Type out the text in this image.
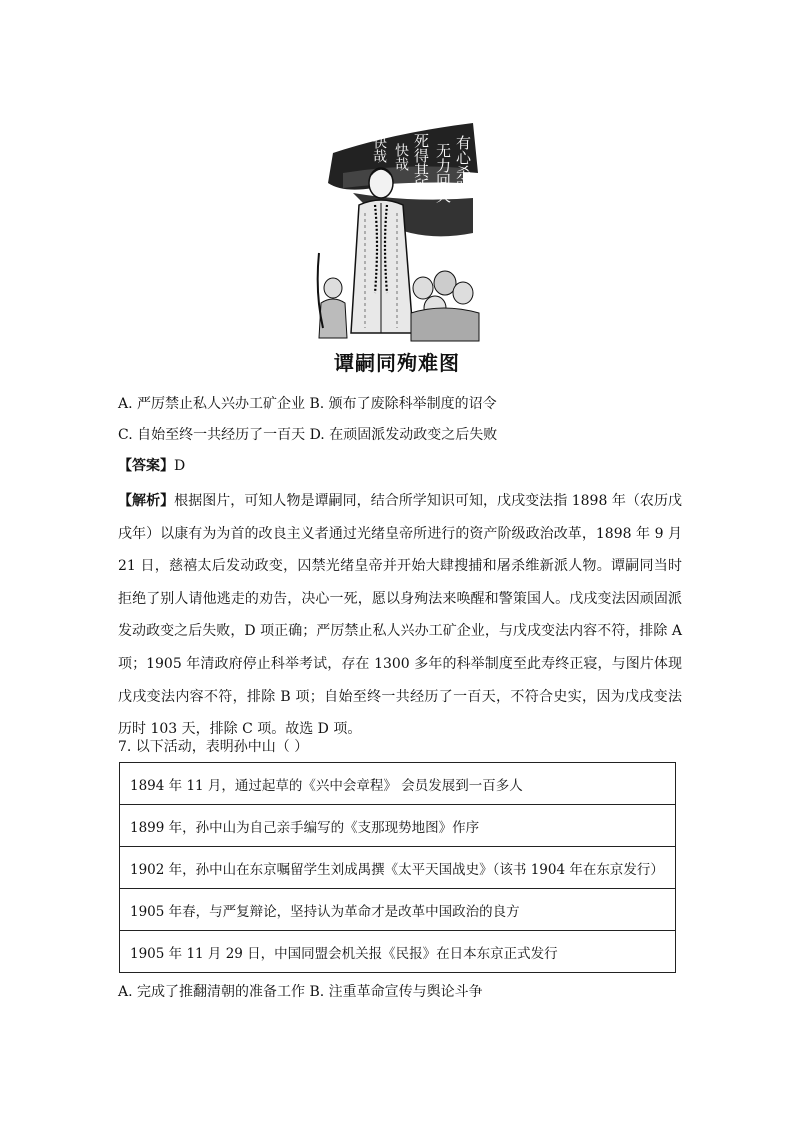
有心杀贼
无力回天
死得其所
快哉
快哉
谭嗣同殉难图
A. 严厉禁止私人兴办工矿企业 B. 颁布了废除科举制度的诏令
C. 自始至终一共经历了一百天 D. 在顽固派发动政变之后失败
【答案】D
【解析】根据图片，可知人物是谭嗣同，结合所学知识可知，戊戌变法指 1898 年（农历戊戌年）以康有为为首的改良主义者通过光绪皇帝所进行的资产阶级政治改革，1898 年 9 月 21 日，慈禧太后发动政变，囚禁光绪皇帝并开始大肆搜捕和屠杀维新派人物。谭嗣同当时拒绝了别人请他逃走的劝告，决心一死，愿以身殉法来唤醒和警策国人。戊戌变法因顽固派发动政变之后失败，D 项正确；严厉禁止私人兴办工矿企业，与戊戌变法内容不符，排除 A 项；1905 年清政府停止科举考试，存在 1300 多年的科举制度至此寿终正寝，与图片体现戊戌变法内容不符，排除 B 项；自始至终一共经历了一百天，不符合史实，因为戊戌变法历时 103 天，排除 C 项。故选 D 项。
7. 以下活动，表明孙中山（ ）
1894 年 11 月，通过起草的《兴中会章程》 会员发展到一百多人
1899 年，孙中山为自己亲手编写的《支那现势地图》作序
1902 年，孙中山在东京嘱留学生刘成禺撰《太平天国战史》（该书 1904 年在东京发行）
1905 年春，与严复辩论，坚持认为革命才是改革中国政治的良方
1905 年 11 月 29 日，中国同盟会机关报《民报》在日本东京正式发行
A. 完成了推翻清朝的准备工作 B. 注重革命宣传与舆论斗争
